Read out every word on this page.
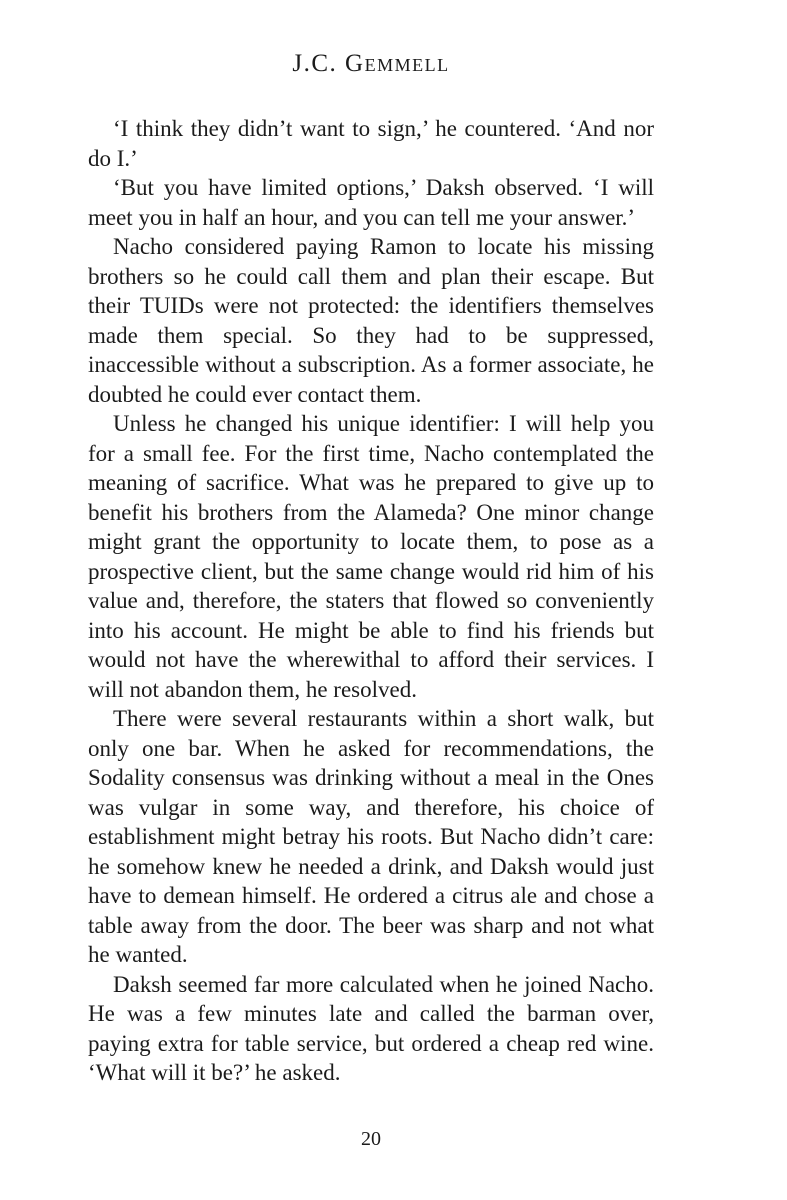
J.C. Gemmell

‘I think they didn’t want to sign,’ he countered. ‘And nor do I.’

‘But you have limited options,’ Daksh observed. ‘I will meet you in half an hour, and you can tell me your answer.’

Nacho considered paying Ramon to locate his missing brothers so he could call them and plan their escape. But their TUIDs were not protected: the identifiers themselves made them special. So they had to be suppressed, inaccessible without a subscription. As a former associate, he doubted he could ever contact them.

Unless he changed his unique identifier: I will help you for a small fee. For the first time, Nacho contemplated the meaning of sacrifice. What was he prepared to give up to benefit his brothers from the Alameda? One minor change might grant the opportunity to locate them, to pose as a prospective client, but the same change would rid him of his value and, therefore, the staters that flowed so conveniently into his account. He might be able to find his friends but would not have the wherewithal to afford their services. I will not abandon them, he resolved.

There were several restaurants within a short walk, but only one bar. When he asked for recommendations, the Sodality consensus was drinking without a meal in the Ones was vulgar in some way, and therefore, his choice of establishment might betray his roots. But Nacho didn’t care: he somehow knew he needed a drink, and Daksh would just have to demean himself. He ordered a citrus ale and chose a table away from the door. The beer was sharp and not what he wanted.

Daksh seemed far more calculated when he joined Nacho. He was a few minutes late and called the barman over, paying extra for table service, but ordered a cheap red wine. ‘What will it be?’ he asked.

20
